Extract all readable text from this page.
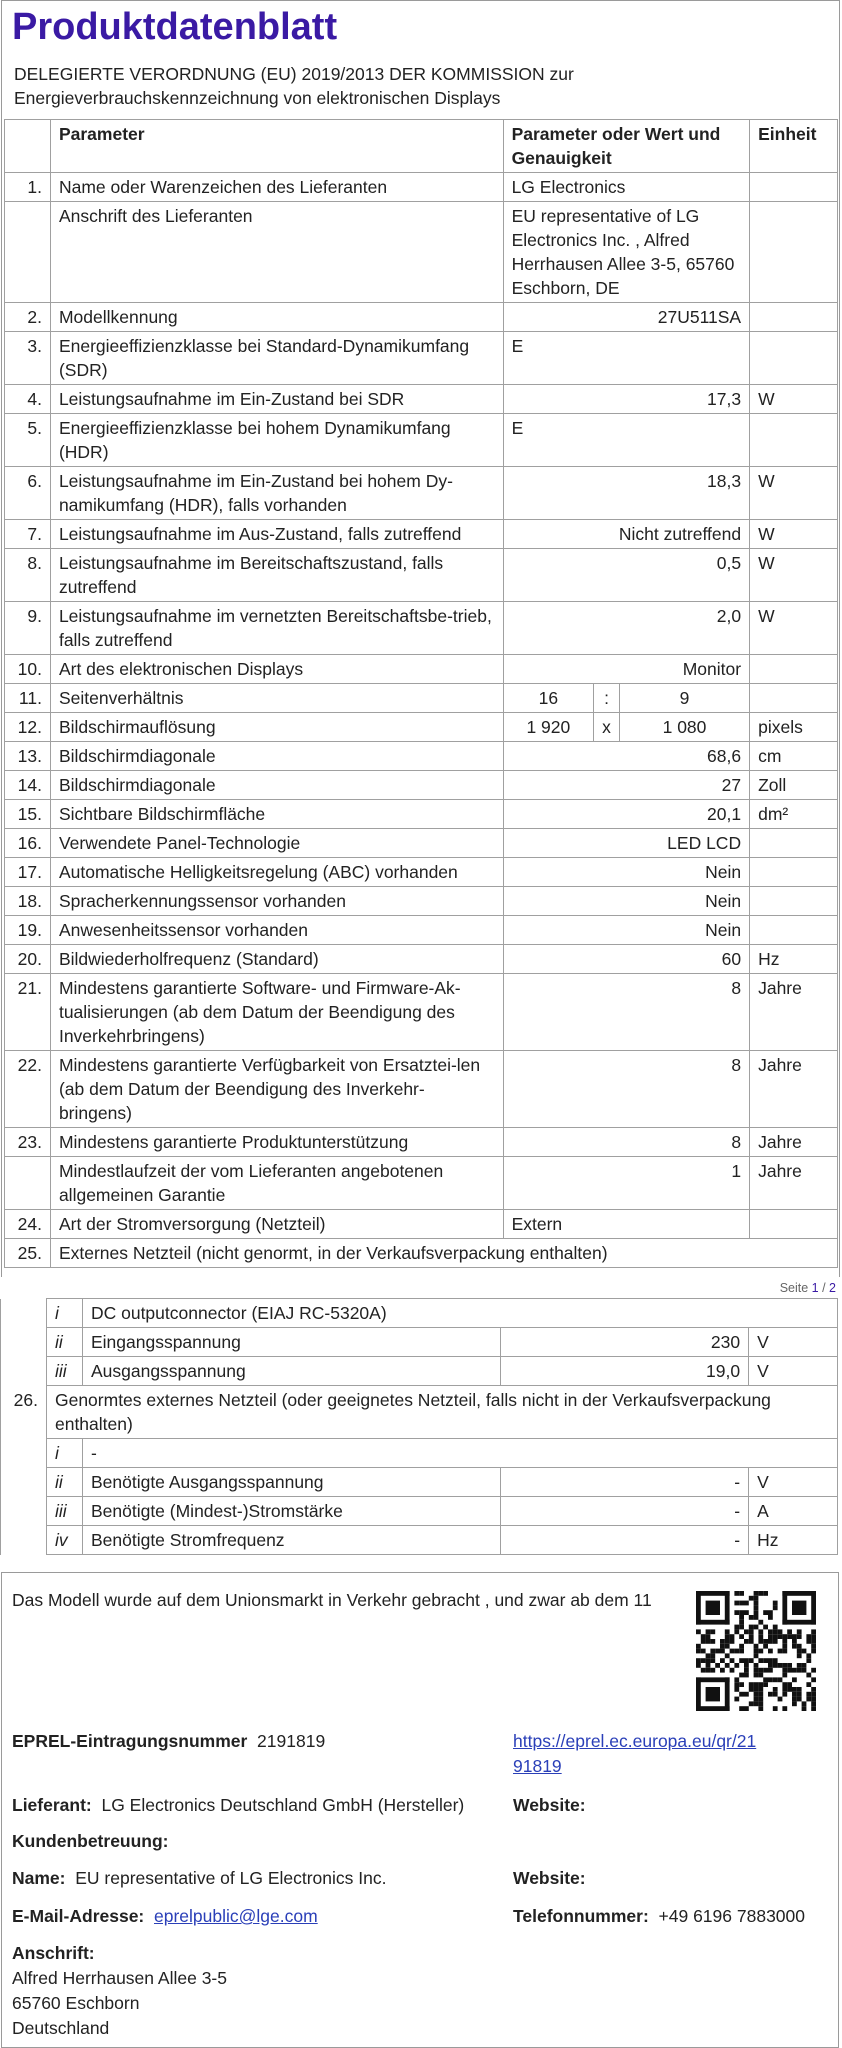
Produktdatenblatt
DELEGIERTE VERORDNUNG (EU) 2019/2013 DER KOMMISSION zur
Energieverbrauchskennzeichnung von elektronischen Displays
	Parameter	Parameter oder Wert und Genauigkeit			Einheit
1.	Name oder Warenzeichen des Lieferanten	LG Electronics			
	Anschrift des Lieferanten	EU representative of LG Electronics Inc. , Alfred Herrhausen Allee 3-5, 65760 Eschborn, DE			
2.	Modellkennung	27U511SA			
3.	Energieeffizienzklasse bei Standard-Dynamikumfang (SDR)	E			
4.	Leistungsaufnahme im Ein-Zustand bei SDR	17,3			W
5.	Energieeffizienzklasse bei hohem Dynamikumfang (HDR)	E			
6.	Leistungsaufnahme im Ein-Zustand bei hohem Dy-namikumfang (HDR), falls vorhanden	18,3			W
7.	Leistungsaufnahme im Aus-Zustand, falls zutreffend	Nicht zutreffend			W
8.	Leistungsaufnahme im Bereitschaftszustand, falls zutreffend	0,5			W
9.	Leistungsaufnahme im vernetzten Bereitschaftsbe-trieb, falls zutreffend	2,0			W
10.	Art des elektronischen Displays	Monitor			
11.	Seitenverhältnis	16	:	9	
12.	Bildschirmauflösung	1 920	x	1 080	pixels
13.	Bildschirmdiagonale	68,6			cm
14.	Bildschirmdiagonale	27			Zoll
15.	Sichtbare Bildschirmfläche	20,1			dm²
16.	Verwendete Panel-Technologie	LED LCD			
17.	Automatische Helligkeitsregelung (ABC) vorhanden	Nein			
18.	Spracherkennungssensor vorhanden	Nein			
19.	Anwesenheitssensor vorhanden	Nein			
20.	Bildwiederholfrequenz (Standard)	60			Hz
21.	Mindestens garantierte Software- und Firmware-Ak-tualisierungen (ab dem Datum der Beendigung des Inverkehrbringens)	8			Jahre
22.	Mindestens garantierte Verfügbarkeit von Ersatztei-len (ab dem Datum der Beendigung des Inverkehr-bringens)	8			Jahre
23.	Mindestens garantierte Produktunterstützung	8			Jahre
	Mindestlaufzeit der vom Lieferanten angebotenen allgemeinen Garantie	1			Jahre
24.	Art der Stromversorgung (Netzteil)	Extern			
25.	Externes Netzteil (nicht genormt, in der Verkaufsverpackung enthalten)				
Seite 1 / 2
	i	DC outputconnector (EIAJ RC-5320A)		
	ii	Eingangsspannung	230	V
	iii	Ausgangsspannung	19,0	V
26.	Genormtes externes Netzteil (oder geeignetes Netzteil, falls nicht in der Verkaufsverpackung enthalten)			
	i	-		
	ii	Benötigte Ausgangsspannung	-	V
	iii	Benötigte (Mindest-)Stromstärke	-	A
	iv	Benötigte Stromfrequenz	-	Hz
Das Modell wurde auf dem Unionsmarkt in Verkehr gebracht , und zwar ab dem 11
EPREL-Eintragungsnummer 2191819	https://eprel.ec.europa.eu/qr/21
91819
Lieferant: LG Electronics Deutschland GmbH (Hersteller)	Website:
Kundenbetreuung:
Name: EU representative of LG Electronics Inc.	Website:
E-Mail-Adresse: eprelpublic@lge.com	Telefonnummer: +49 6196 7883000
Anschrift:
Alfred Herrhausen Allee 3-5
65760 Eschborn
Deutschland
